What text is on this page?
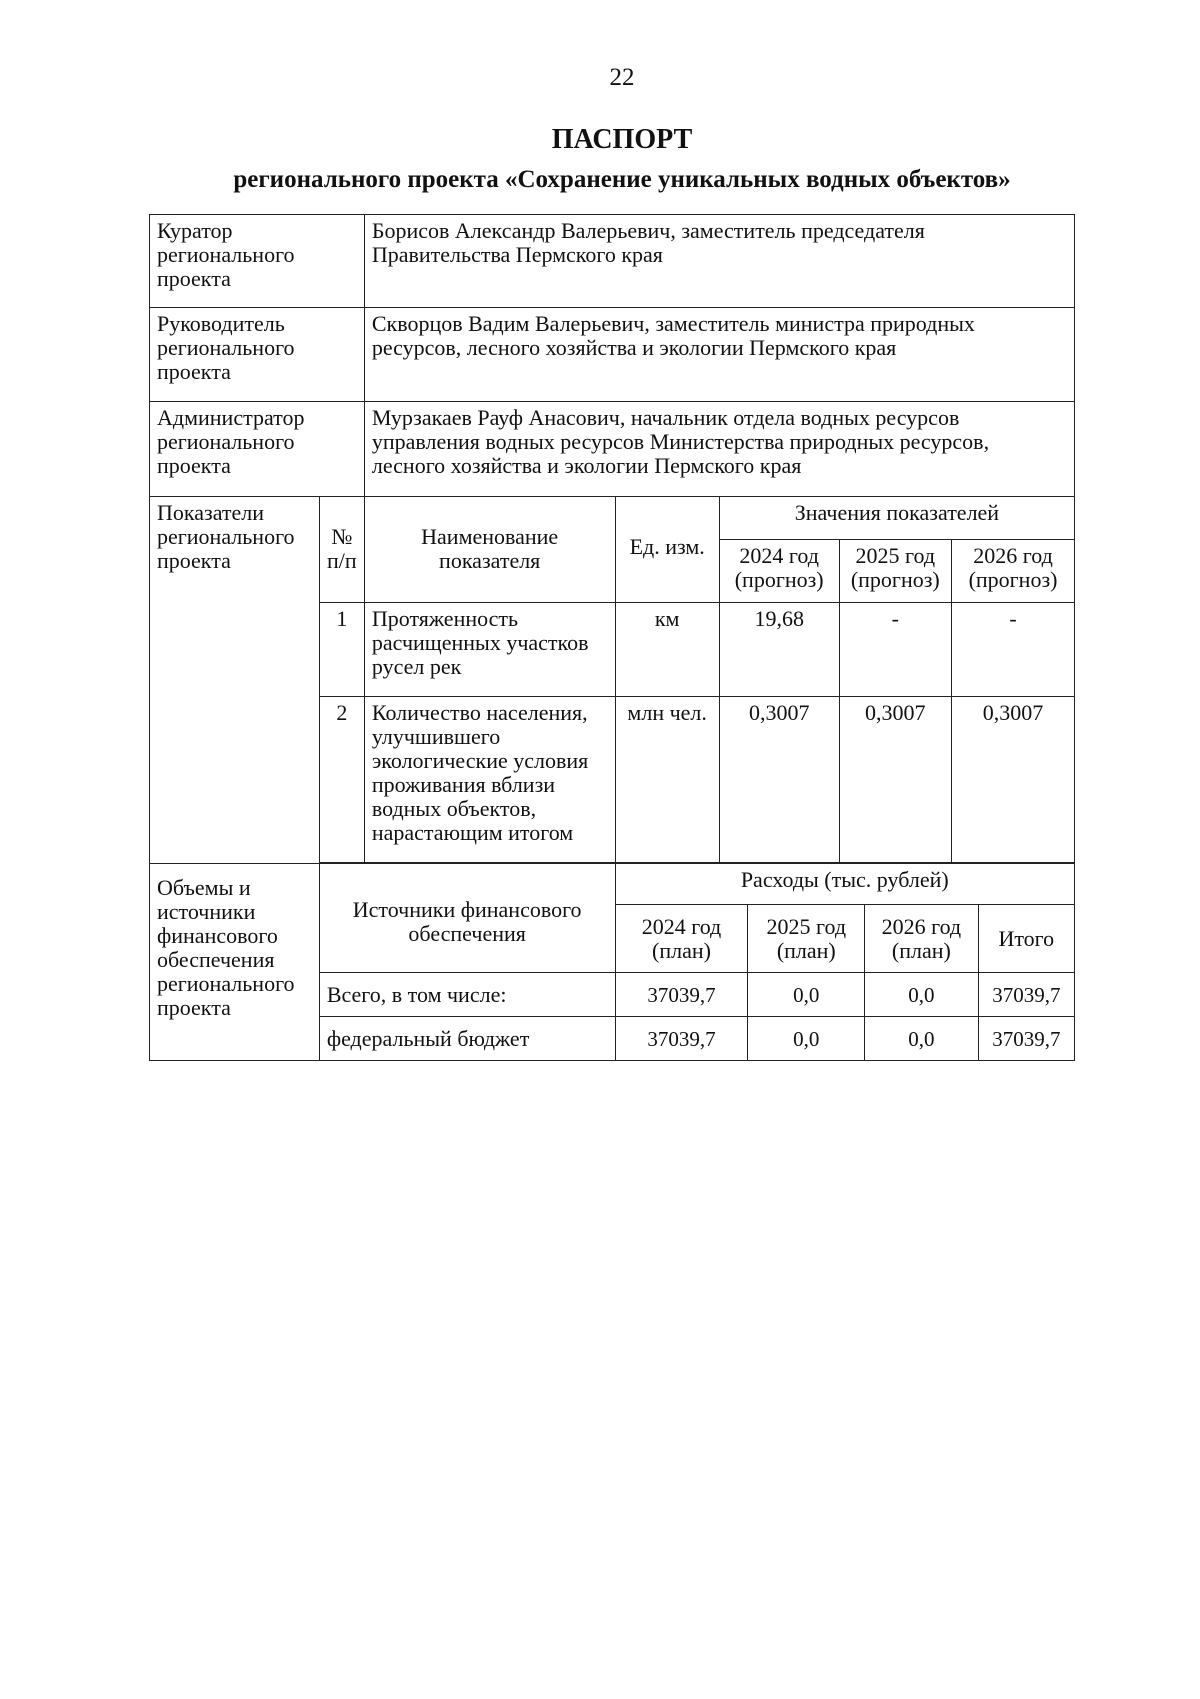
22
ПАСПОРТ
регионального проекта «Сохранение уникальных водных объектов»
Куратор регионального проекта		Борисов Александр Валерьевич, заместитель председателя Правительства Пермского края							
Руководитель регионального проекта		Скворцов Вадим Валерьевич, заместитель министра природных ресурсов, лесного хозяйства и экологии Пермского края							
Администратор регионального проекта		Мурзакаев Рауф Анасович, начальник отдела водных ресурсов управления водных ресурсов Министерства природных ресурсов, лесного хозяйства и экологии Пермского края							
Показатели регионального проекта	№ п/п	Наименование показателя	Ед. изм.	Значения показателей					
				2024 год (прогноз)		2025 год (прогноз)		2026 год (прогноз)	
	1	Протяженность расчищенных участков русел рек	км	19,68		-		-	
	2	Количество населения, улучшившего экологические условия проживания вблизи водных объектов, нарастающим итогом	млн чел.	0,3007		0,3007		0,3007	

Объемы и источники финансового обеспечения регионального проекта	Источники финансового обеспечения		Расходы (тыс. рублей)						
			2024 год (план)		2025 год (план)		2026 год (план)		Итого
	Всего, в том числе:		37039,7		0,0		0,0		37039,7
	федеральный бюджет		37039,7		0,0		0,0		37039,7
